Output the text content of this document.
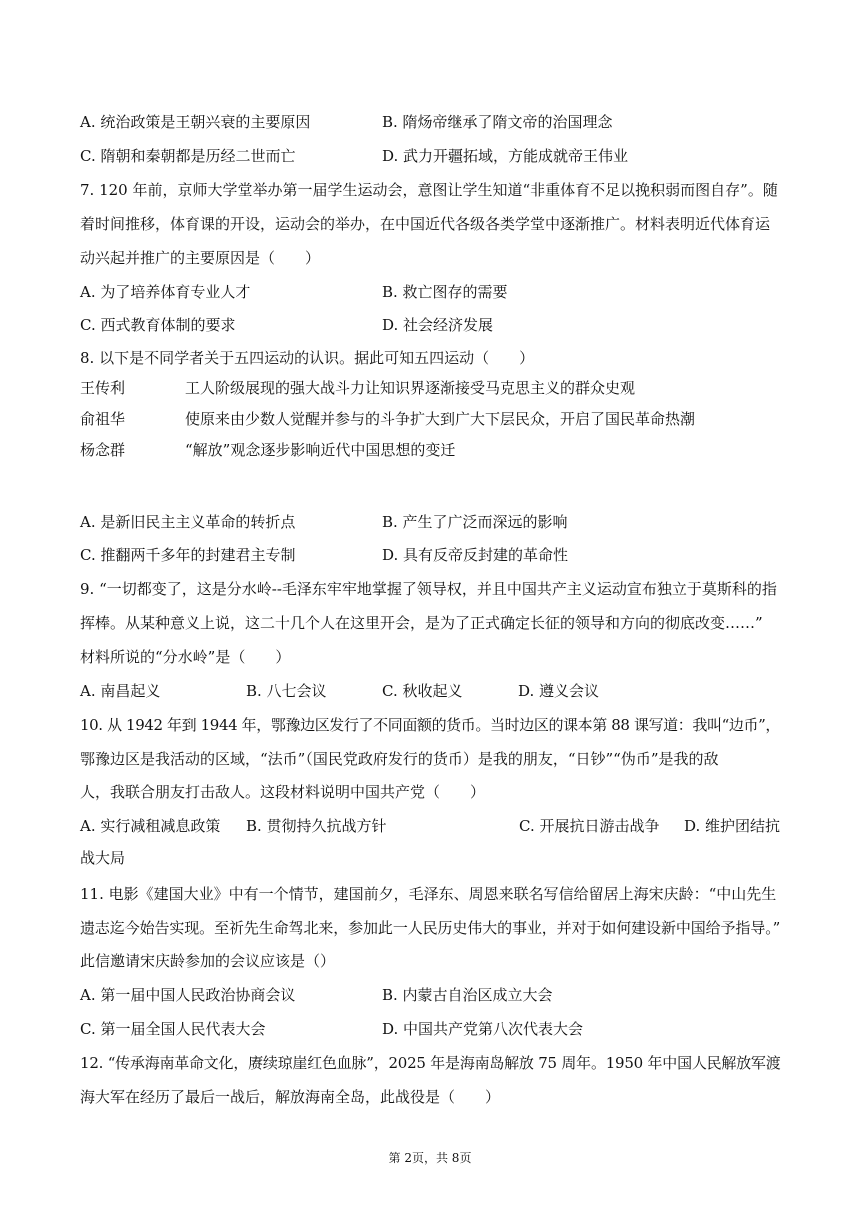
A. 统治政策是王朝兴衰的主要原因	B. 隋炀帝继承了隋文帝的治国理念
C. 隋朝和秦朝都是历经二世而亡	D. 武力开疆拓域，方能成就帝王伟业
7. 120 年前，京师大学堂举办第一届学生运动会，意图让学生知道“非重体育不足以挽积弱而图自存”。随
着时间推移，体育课的开设，运动会的举办，在中国近代各级各类学堂中逐渐推广。材料表明近代体育运
动兴起并推广的主要原因是（　　）
A. 为了培养体育专业人才	B. 救亡图存的需要
C. 西式教育体制的要求	D. 社会经济发展
8. 以下是不同学者关于五四运动的认识。据此可知五四运动（　　）
王传利	工人阶级展现的强大战斗力让知识界逐渐接受马克思主义的群众史观
俞祖华	使原来由少数人觉醒并参与的斗争扩大到广大下层民众，开启了国民革命热潮
杨念群	“解放”观念逐步影响近代中国思想的变迁
A. 是新旧民主主义革命的转折点	B. 产生了广泛而深远的影响
C. 推翻两千多年的封建君主专制	D. 具有反帝反封建的革命性
9. “一切都变了，这是分水岭--毛泽东牢牢地掌握了领导权，并且中国共产主义运动宣布独立于莫斯科的指
挥棒。从某种意义上说，这二十几个人在这里开会，是为了正式确定长征的领导和方向的彻底改变……”
材料所说的“分水岭”是（　　）
A. 南昌起义	B. 八七会议	C. 秋收起义	D. 遵义会议
10. 从 1942 年到 1944 年，鄂豫边区发行了不同面额的货币。当时边区的课本第 88 课写道：我叫“边币”，
鄂豫边区是我活动的区域，“法币”（国民党政府发行的货币）是我的朋友，“日钞”“伪币”是我的敌
人，我联合朋友打击敌人。这段材料说明中国共产党（　　）
A. 实行减租减息政策 B. 贯彻持久抗战方针	C. 开展抗日游击战争 D. 维护团结抗
战大局
11. 电影《建国大业》中有一个情节，建国前夕，毛泽东、周恩来联名写信给留居上海宋庆龄：“中山先生
遗志迄今始告实现。至祈先生命驾北来，参加此一人民历史伟大的事业，并对于如何建设新中国给予指导。”
此信邀请宋庆龄参加的会议应该是（）
A. 第一届中国人民政治协商会议	B. 内蒙古自治区成立大会
C. 第一届全国人民代表大会	D. 中国共产党第八次代表大会
12. “传承海南革命文化，赓续琼崖红色血脉”，2025 年是海南岛解放 75 周年。1950 年中国人民解放军渡
海大军在经历了最后一战后，解放海南全岛，此战役是（　　）
第 2页，共 8页
